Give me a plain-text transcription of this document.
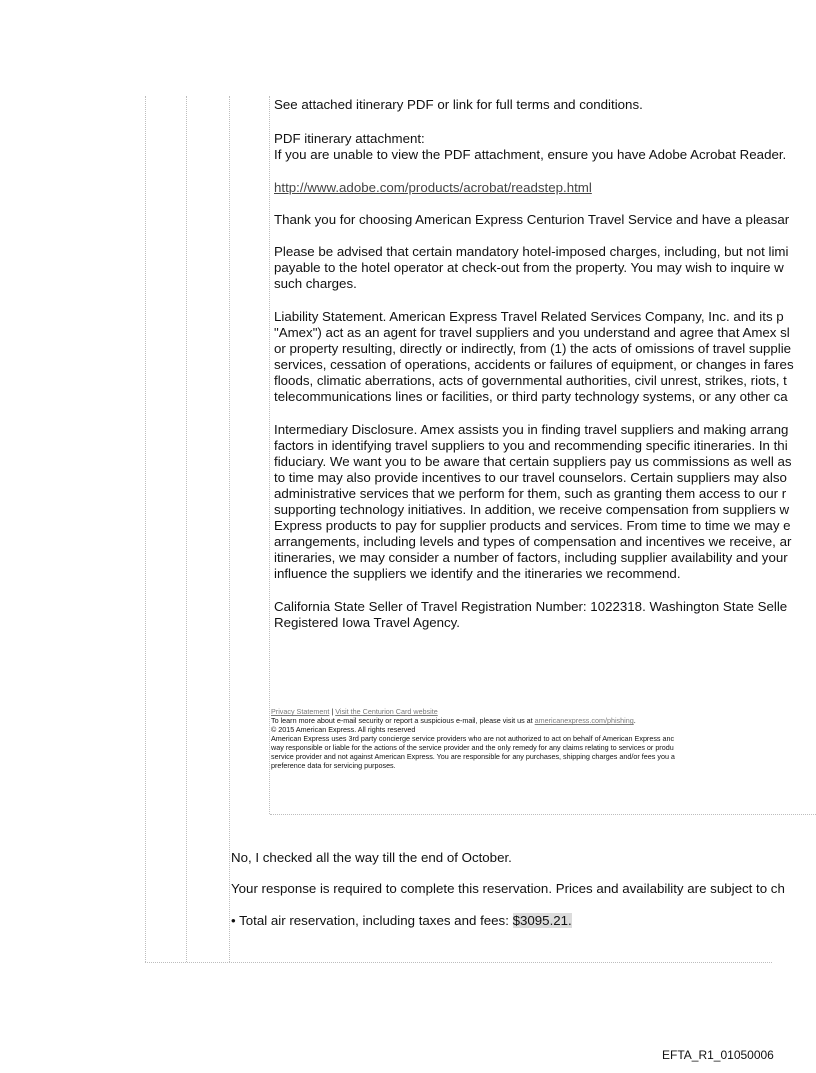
See attached itinerary PDF or link for full terms and conditions.

PDF itinerary attachment:

If you are unable to view the PDF attachment, ensure you have Adobe Acrobat Reader.

http://www.adobe.com/products/acrobat/readstep.html

Thank you for choosing American Express Centurion Travel Service and have a pleasar

Please be advised that certain mandatory hotel-imposed charges, including, but not limi

payable to the hotel operator at check-out from the property. You may wish to inquire w

such charges.

Liability Statement. American Express Travel Related Services Company, Inc. and its p

"Amex") act as an agent for travel suppliers and you understand and agree that Amex sl

or property resulting, directly or indirectly, from (1) the acts of omissions of travel supplie

services, cessation of operations, accidents or failures of equipment, or changes in fares

floods, climatic aberrations, acts of governmental authorities, civil unrest, strikes, riots, t

telecommunications lines or facilities, or third party technology systems, or any other ca

Intermediary Disclosure. Amex assists you in finding travel suppliers and making arrang

factors in identifying travel suppliers to you and recommending specific itineraries. In thi

fiduciary. We want you to be aware that certain suppliers pay us commissions as well as

to time may also provide incentives to our travel counselors. Certain suppliers may also

administrative services that we perform for them, such as granting them access to our r

supporting technology initiatives. In addition, we receive compensation from suppliers w

Express products to pay for supplier products and services. From time to time we may e

arrangements, including levels and types of compensation and incentives we receive, ar

itineraries, we may consider a number of factors, including supplier availability and your

influence the suppliers we identify and the itineraries we recommend.

California State Seller of Travel Registration Number: 1022318. Washington State Selle

Registered Iowa Travel Agency.

Privacy Statement | Visit the Centurion Card website
To learn more about e-mail security or report a suspicious e-mail, please visit us at americanexpress.com/phishing.
© 2015 American Express. All rights reserved
American Express uses 3rd party concierge service providers who are not authorized to act on behalf of American Express anc
way responsible or liable for the actions of the service provider and the only remedy for any claims relating to services or produ
service provider and not against American Express. You are responsible for any purchases, shipping charges and/or fees you a
preference data for servicing purposes.

No, I checked all the way till the end of October.

Your response is required to complete this reservation. Prices and availability are subject to ch

• Total air reservation, including taxes and fees: $3095.21.

EFTA_R1_01050006
